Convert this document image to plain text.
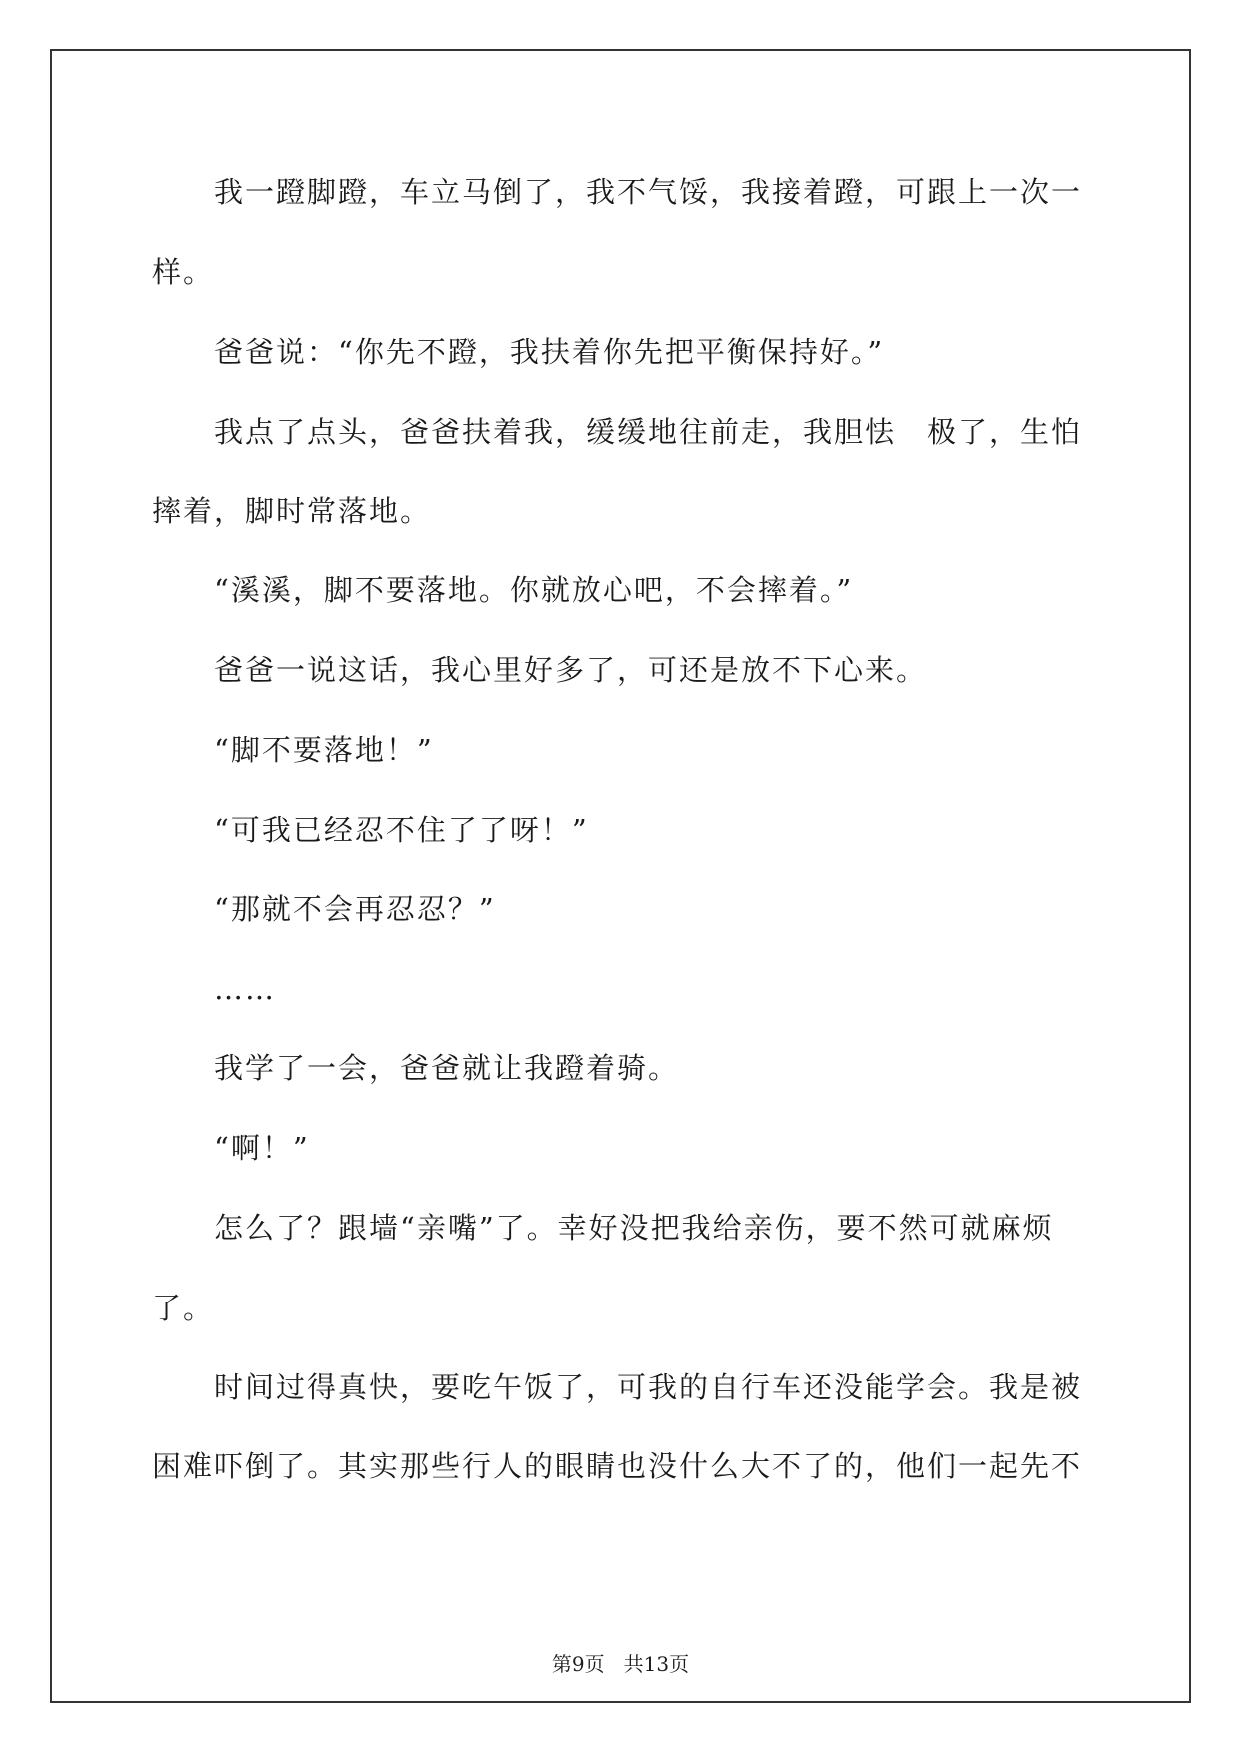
我一蹬脚蹬，车立马倒了，我不气馁，我接着蹬，可跟上一次一

样。

爸爸说：“你先不蹬，我扶着你先把平衡保持好。”

我点了点头，爸爸扶着我，缓缓地往前走，我胆怯　极了，生怕

摔着，脚时常落地。

“溪溪，脚不要落地。你就放心吧，不会摔着。”

爸爸一说这话，我心里好多了，可还是放不下心来。

“脚不要落地！”

“可我已经忍不住了了呀！”

“那就不会再忍忍？”

……

我学了一会，爸爸就让我蹬着骑。

“啊！”

怎么了？跟墙“亲嘴”了。幸好没把我给亲伤，要不然可就麻烦

了。

时间过得真快，要吃午饭了，可我的自行车还没能学会。我是被

困难吓倒了。其实那些行人的眼睛也没什么大不了的，他们一起先不

第9页 共13页
